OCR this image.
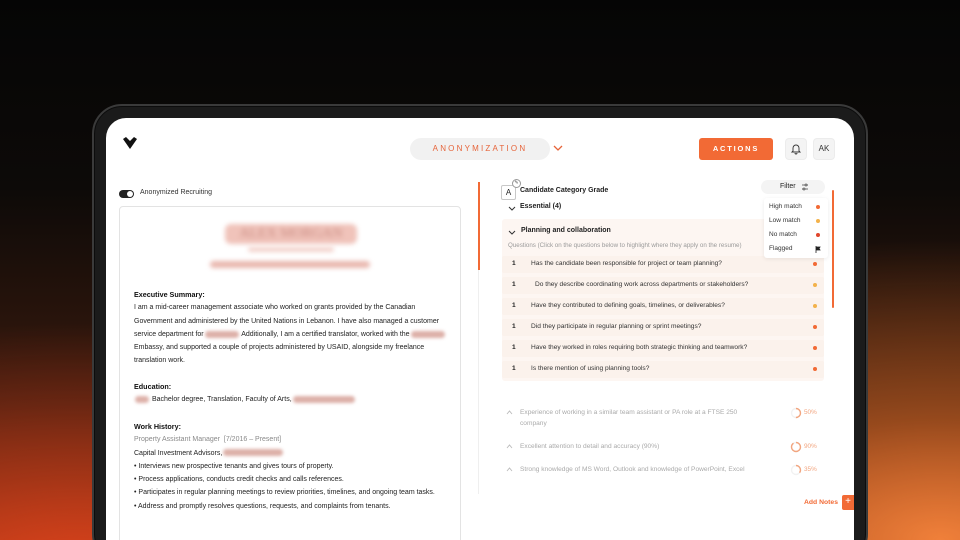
ANONYMIZATION	ACTIONS	AK
Anonymized Recruiting
ALEX MORGAN
Executive Summary:
I am a mid-career management associate who worked on grants provided by the Canadian
Government and administered by the United Nations in Lebanon. I have also managed a customer
service department for	Additionally, I am a certified translator, worked with the
Embassy, and supported a couple of projects administered by USAID, alongside my freelance
translation work.
Education:
Bachelor degree, Translation, Faculty of Arts,
Work History:
Property Assistant Manager [7/2016 – Present]
Capital Investment Advisors,
• Interviews new prospective tenants and gives tours of property.
• Process applications, conducts credit checks and calls references.
• Participates in regular planning meetings to review priorities, timelines, and ongoing team tasks.
• Address and promptly resolves questions, requests, and complaints from tenants.
A
✎
Candidate Category Grade
Filter
High match
Low match
No match
Flagged
Essential (4)
Planning and collaboration
Questions (Click on the questions below to highlight where they apply on the resume)
1 Has the candidate been responsible for project or team planning?
1	Do they describe coordinating work across departments or stakeholders?
1 Have they contributed to defining goals, timelines, or deliverables?
1 Did they participate in regular planning or sprint meetings?
1 Have they worked in roles requiring both strategic thinking and teamwork?
1 Is there mention of using planning tools?
Experience of working in a similar team assistant or PA role at a FTSE 250 company
50%
Excellent attention to detail and accuracy (90%)	90%
Strong knowledge of MS Word, Outlook and knowledge of PowerPoint, Excel	35%
Add Notes +
